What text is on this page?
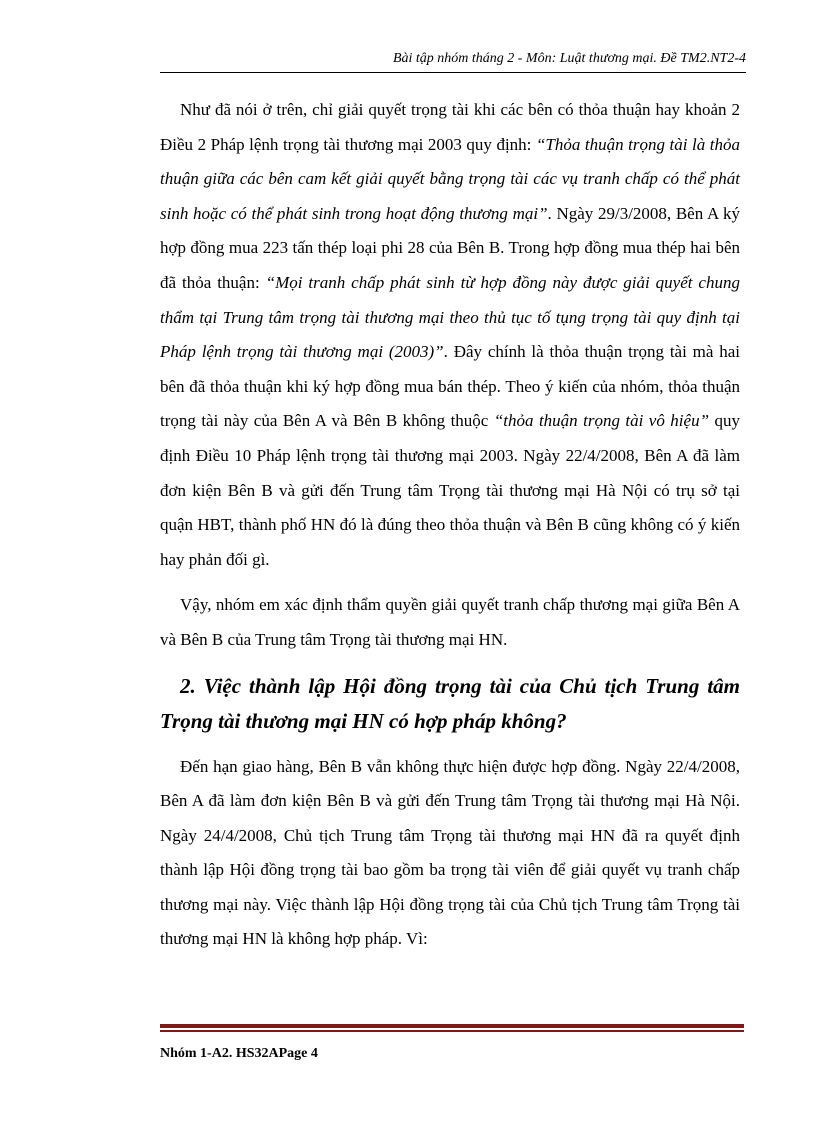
Bài tập nhóm tháng 2 - Môn: Luật thương mại. Đề TM2.NT2-4

Như đã nói ở trên, chỉ giải quyết trọng tài khi các bên có thỏa thuận hay khoản 2 Điều 2 Pháp lệnh trọng tài thương mại 2003 quy định: “Thỏa thuận trọng tài là thỏa thuận giữa các bên cam kết giải quyết bằng trọng tài các vụ tranh chấp có thể phát sinh hoặc có thể phát sinh trong hoạt động thương mại”. Ngày 29/3/2008, Bên A ký hợp đồng mua 223 tấn thép loại phi 28 của Bên B. Trong hợp đồng mua thép hai bên đã thỏa thuận: “Mọi tranh chấp phát sinh từ hợp đồng này được giải quyết chung thẩm tại Trung tâm trọng tài thương mại theo thủ tục tố tụng trọng tài quy định tại Pháp lệnh trọng tài thương mại (2003)”. Đây chính là thỏa thuận trọng tài mà hai bên đã thỏa thuận khi ký hợp đồng mua bán thép. Theo ý kiến của nhóm, thỏa thuận trọng tài này của Bên A và Bên B không thuộc “thỏa thuận trọng tài vô hiệu” quy định Điều 10 Pháp lệnh trọng tài thương mại 2003. Ngày 22/4/2008, Bên A đã làm đơn kiện Bên B và gửi đến Trung tâm Trọng tài thương mại Hà Nội có trụ sở tại quận HBT, thành phố HN đó là đúng theo thỏa thuận và Bên B cũng không có ý kiến hay phản đối gì.

Vậy, nhóm em xác định thẩm quyền giải quyết tranh chấp thương mại giữa Bên A và Bên B của Trung tâm Trọng tài thương mại HN.

2. Việc thành lập Hội đồng trọng tài của Chủ tịch Trung tâm Trọng tài thương mại HN có hợp pháp không?

Đến hạn giao hàng, Bên B vẫn không thực hiện được hợp đồng. Ngày 22/4/2008, Bên A đã làm đơn kiện Bên B và gửi đến Trung tâm Trọng tài thương mại Hà Nội. Ngày 24/4/2008, Chủ tịch Trung tâm Trọng tài thương mại HN đã ra quyết định thành lập Hội đồng trọng tài bao gồm ba trọng tài viên để giải quyết vụ tranh chấp thương mại này. Việc thành lập Hội đồng trọng tài của Chủ tịch Trung tâm Trọng tài thương mại HN là không hợp pháp. Vì:

Nhóm 1-A2. HS32APage 4
